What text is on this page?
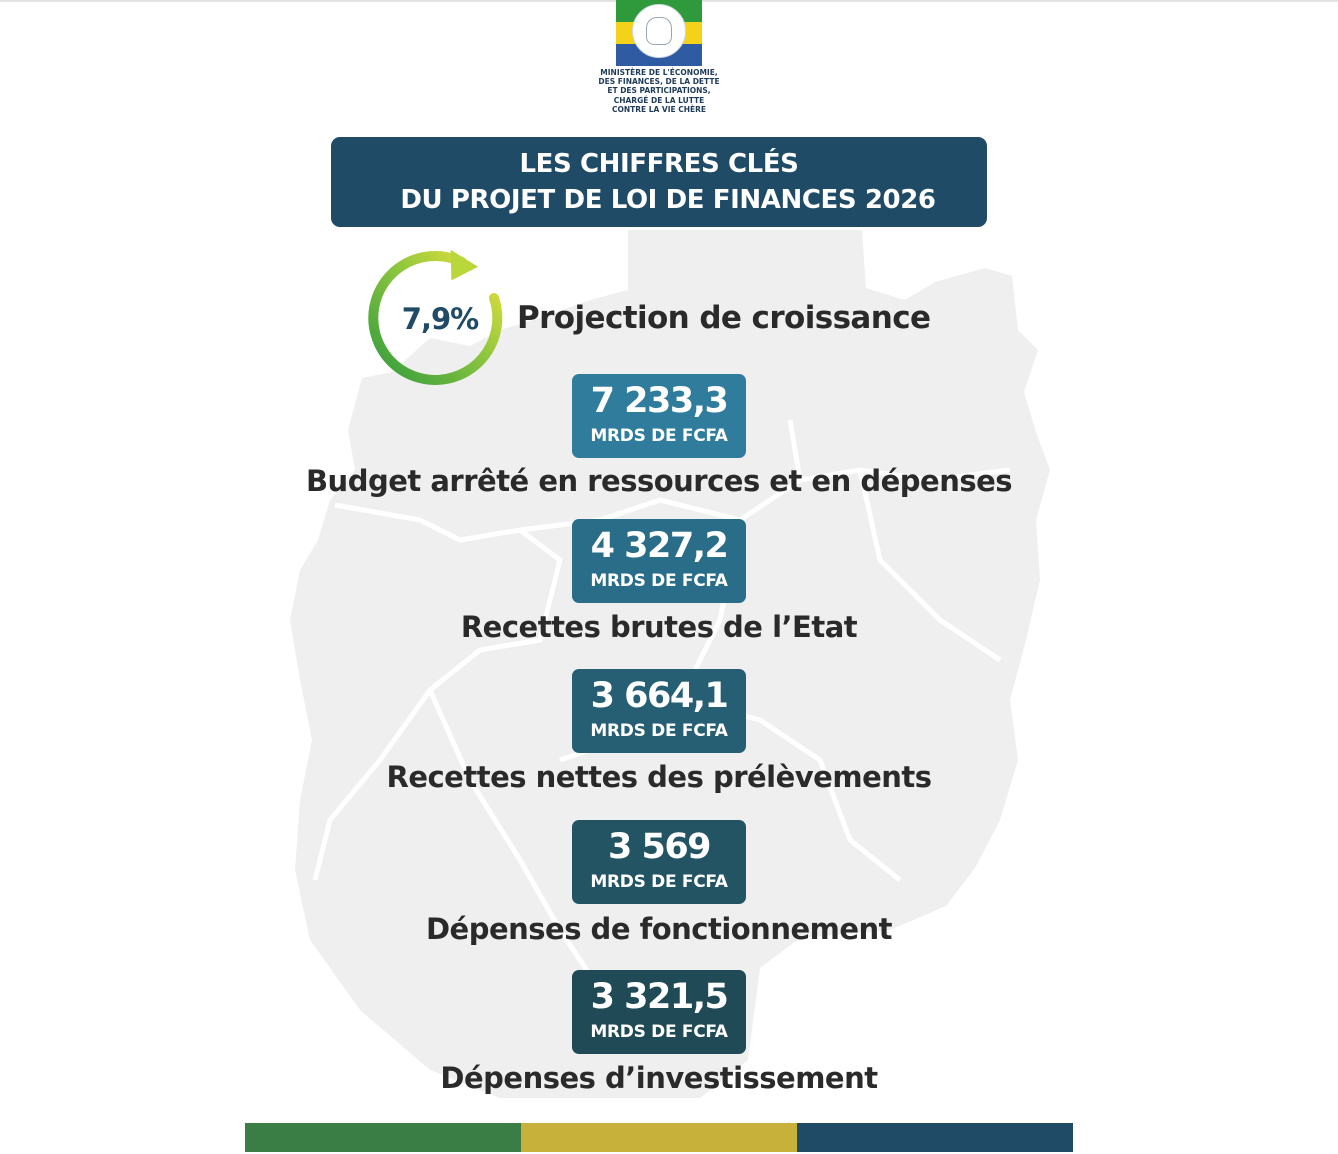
MINISTÈRE DE L'ÉCONOMIE,
DES FINANCES, DE LA DETTE
ET DES PARTICIPATIONS,
CHARGÉ DE LA LUTTE
CONTRE LA VIE CHÈRE
LES CHIFFRES CLÉS
DU PROJET DE LOI DE FINANCES 2026
7,9%	Projection de croissance
7 233,3
MRDS DE FCFA
Budget arrêté en ressources et en dépenses
4 327,2
MRDS DE FCFA
Recettes brutes de l’Etat
3 664,1
MRDS DE FCFA
Recettes nettes des prélèvements
3 569
MRDS DE FCFA
Dépenses de fonctionnement
3 321,5
MRDS DE FCFA
Dépenses d’investissement
